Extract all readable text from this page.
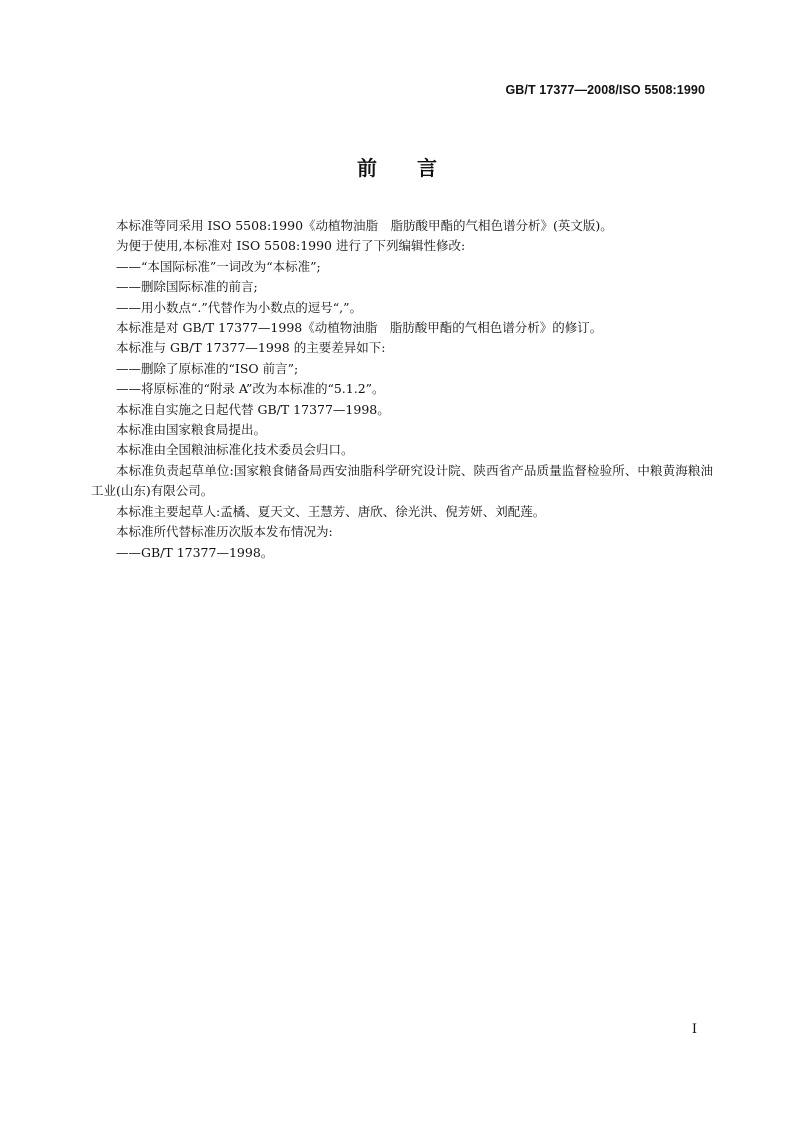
GB/T 17377—2008/ISO 5508:1990
前言

本标准等同采用 ISO 5508:1990《动植物油脂　脂肪酸甲酯的气相色谱分析》(英文版)。

为便于使用,本标准对 ISO 5508:1990 进行了下列编辑性修改:

——“本国际标准”一词改为“本标准”;

——删除国际标准的前言;

——用小数点“.”代替作为小数点的逗号“,”。

本标准是对 GB/T 17377—1998《动植物油脂　脂肪酸甲酯的气相色谱分析》的修订。

本标准与 GB/T 17377—1998 的主要差异如下:

——删除了原标准的“ISO 前言”;

——将原标准的“附录 A”改为本标准的“5.1.2”。

本标准自实施之日起代替 GB/T 17377—1998。

本标准由国家粮食局提出。

本标准由全国粮油标准化技术委员会归口。

本标准负责起草单位:国家粮食储备局西安油脂科学研究设计院、陕西省产品质量监督检验所、中粮黄海粮油工业(山东)有限公司。

本标准主要起草人:孟橘、夏天文、王慧芳、唐欣、徐光洪、倪芳妍、刘配莲。

本标准所代替标准历次版本发布情况为:

——GB/T 17377—1998。

I
